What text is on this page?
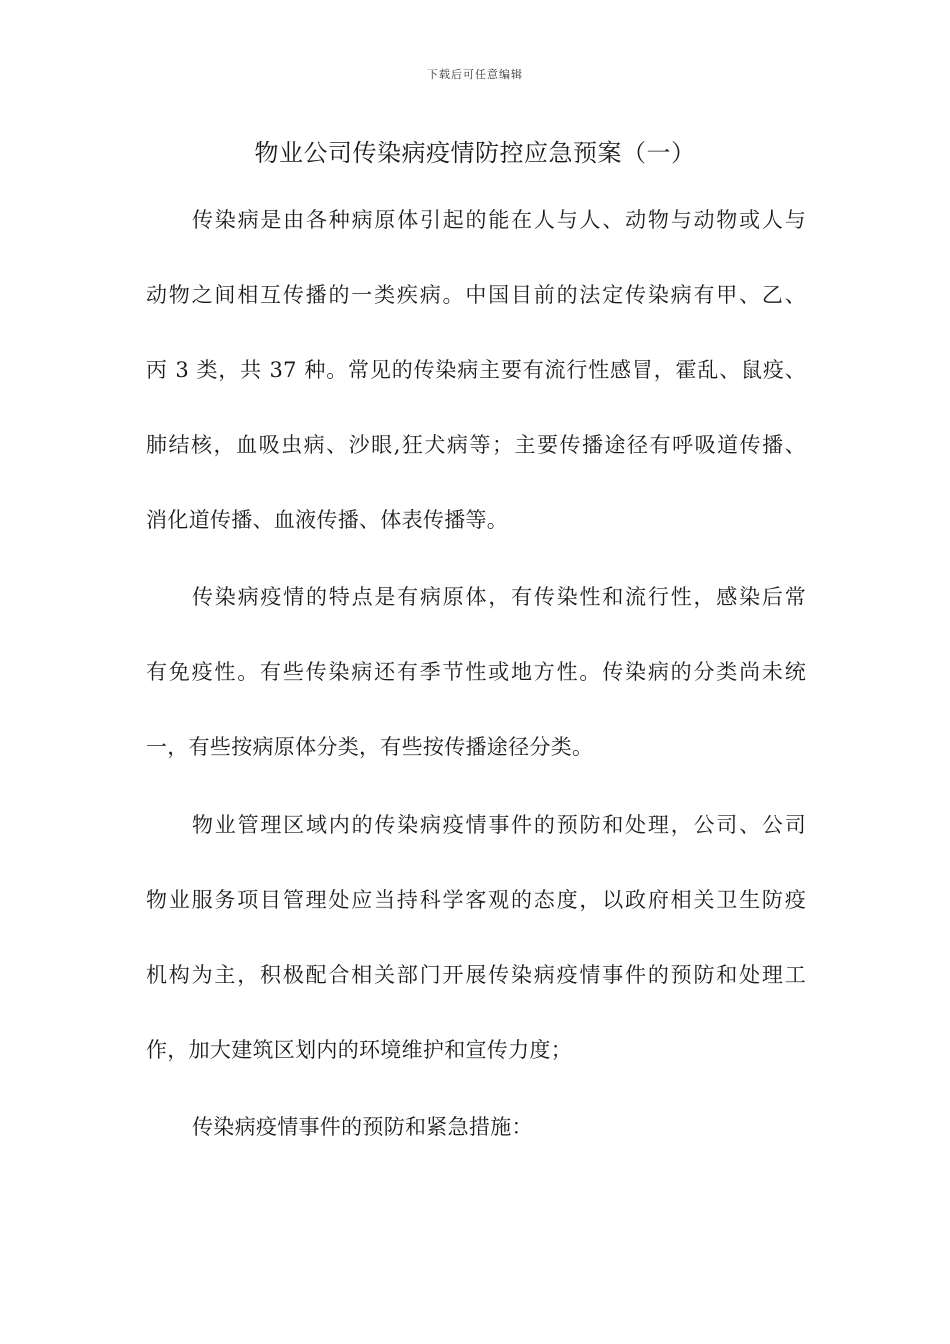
下载后可任意编辑
物业公司传染病疫情防控应急预案（一）
传染病是由各种病原体引起的能在人与人、动物与动物或人与
动物之间相互传播的一类疾病。中国目前的法定传染病有甲、乙、
丙 3 类，共 37 种。常见的传染病主要有流行性感冒，霍乱、鼠疫、
肺结核，血吸虫病、沙眼,狂犬病等；主要传播途径有呼吸道传播、
消化道传播、血液传播、体表传播等。
传染病疫情的特点是有病原体，有传染性和流行性，感染后常
有免疫性。有些传染病还有季节性或地方性。传染病的分类尚未统
一，有些按病原体分类，有些按传播途径分类。
物业管理区域内的传染病疫情事件的预防和处理，公司、公司
物业服务项目管理处应当持科学客观的态度，以政府相关卫生防疫
机构为主，积极配合相关部门开展传染病疫情事件的预防和处理工
作，加大建筑区划内的环境维护和宣传力度；
传染病疫情事件的预防和紧急措施：
